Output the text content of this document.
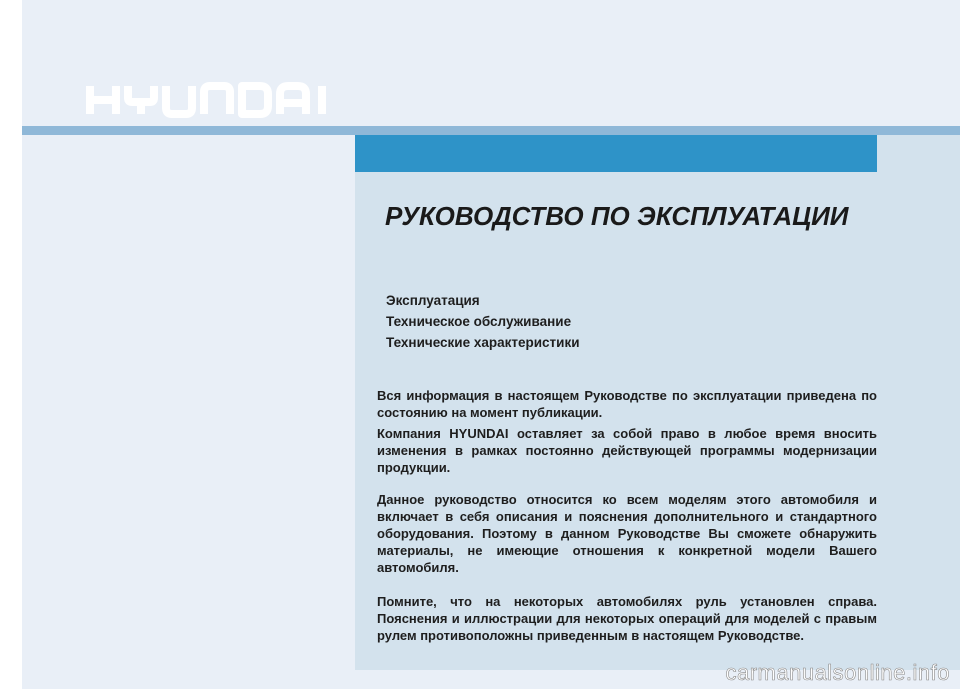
РУКОВОДСТВО ПО ЭКСПЛУАТАЦИИ
Эксплуатация
Техническое обслуживание
Технические характеристики

Вся информация в настоящем Руководстве по эксплуатации приведена по состоянию на момент публикации.

Компания HYUNDAI оставляет за собой право в любое время вносить изменения в рамках постоянно действующей программы модернизации продукции.

Данное руководство относится ко всем моделям этого автомобиля и включает в себя описания и пояснения дополнительного и стандартного оборудования. Поэтому в данном Руководстве Вы сможете обнаружить материалы, не имеющие отношения к конкретной модели Вашего автомобиля.

Помните, что на некоторых автомобилях руль установлен справа. Пояснения и иллюстрации для некоторых операций для моделей с правым рулем противоположны приведенным в настоящем Руководстве.

carmanualsonline.info
